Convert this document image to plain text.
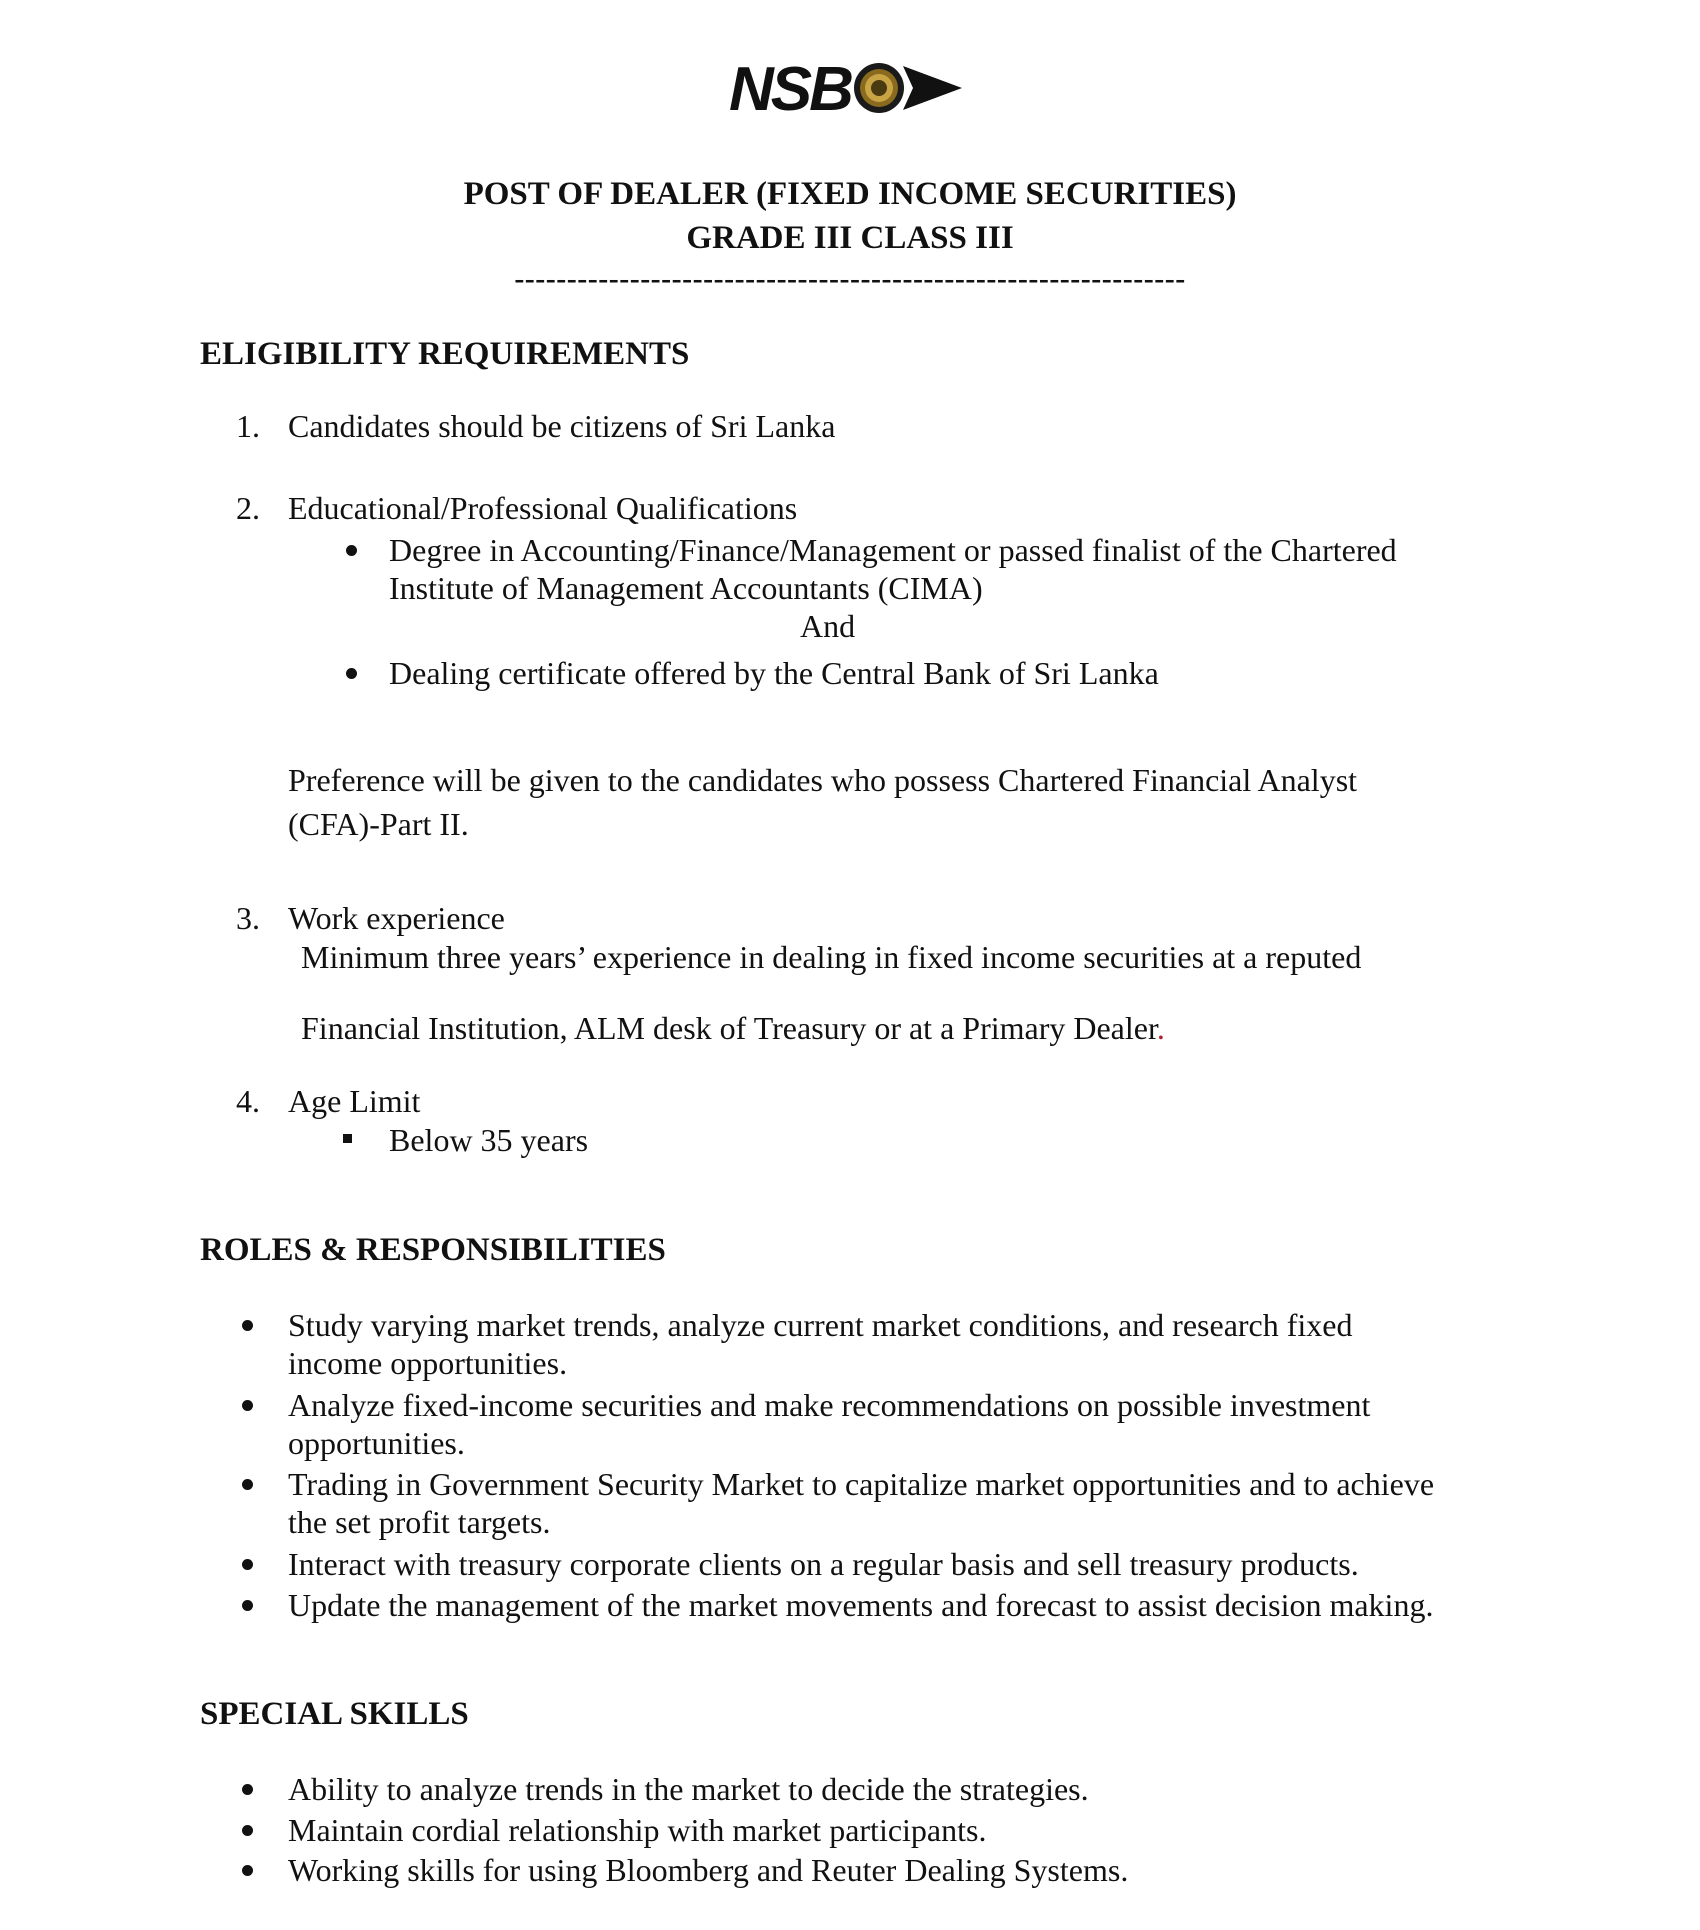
NSB
POST OF DEALER (FIXED INCOME SECURITIES)
GRADE III CLASS III
----------------------------------------------------------------
ELIGIBILITY REQUIREMENTS
1. Candidates should be citizens of Sri Lanka
2. Educational/Professional Qualifications
Degree in Accounting/Finance/Management or passed finalist of the Chartered
Institute of Management Accountants (CIMA)
And
Dealing certificate offered by the Central Bank of Sri Lanka
Preference will be given to the candidates who possess Chartered Financial Analyst
(CFA)-Part II.
3. Work experience
Minimum three years’ experience in dealing in fixed income securities at a reputed
Financial Institution, ALM desk of Treasury or at a Primary Dealer.
4. Age Limit
Below 35 years
ROLES & RESPONSIBILITIES
Study varying market trends, analyze current market conditions, and research fixed
income opportunities.
Analyze fixed-income securities and make recommendations on possible investment
opportunities.
Trading in Government Security Market to capitalize market opportunities and to achieve
the set profit targets.
Interact with treasury corporate clients on a regular basis and sell treasury products.
Update the management of the market movements and forecast to assist decision making.
SPECIAL SKILLS
Ability to analyze trends in the market to decide the strategies.
Maintain cordial relationship with market participants.
Working skills for using Bloomberg and Reuter Dealing Systems.
